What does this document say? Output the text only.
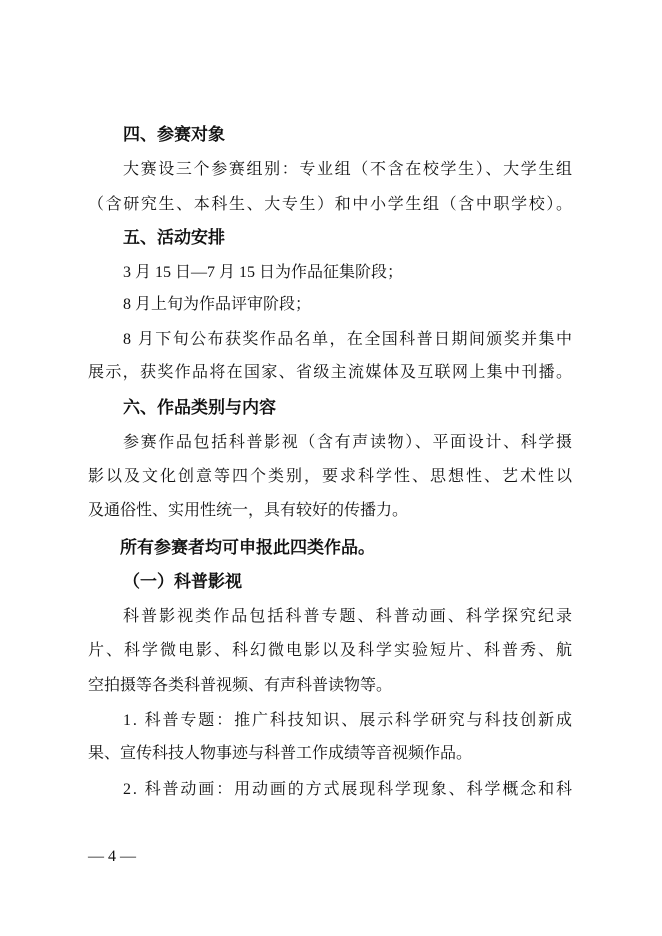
四、参赛对象
大赛设三个参赛组别：专业组（不含在校学生）、大学生组
（含研究生、本科生、大专生）和中小学生组（含中职学校）。
五、活动安排
3 月 15 日—7 月 15 日为作品征集阶段；
8 月上旬为作品评审阶段；
8 月下旬公布获奖作品名单，在全国科普日期间颁奖并集中
展示，获奖作品将在国家、省级主流媒体及互联网上集中刊播。
六、作品类别与内容
参赛作品包括科普影视（含有声读物）、平面设计、科学摄
影以及文化创意等四个类别，要求科学性、思想性、艺术性以
及通俗性、实用性统一，具有较好的传播力。
所有参赛者均可申报此四类作品。
（一）科普影视
科普影视类作品包括科普专题、科普动画、科学探究纪录
片、科学微电影、科幻微电影以及科学实验短片、科普秀、航
空拍摄等各类科普视频、有声科普读物等。
1. 科普专题：推广科技知识、展示科学研究与科技创新成
果、宣传科技人物事迹与科普工作成绩等音视频作品。
2. 科普动画：用动画的方式展现科学现象、科学概念和科
— 4 —
